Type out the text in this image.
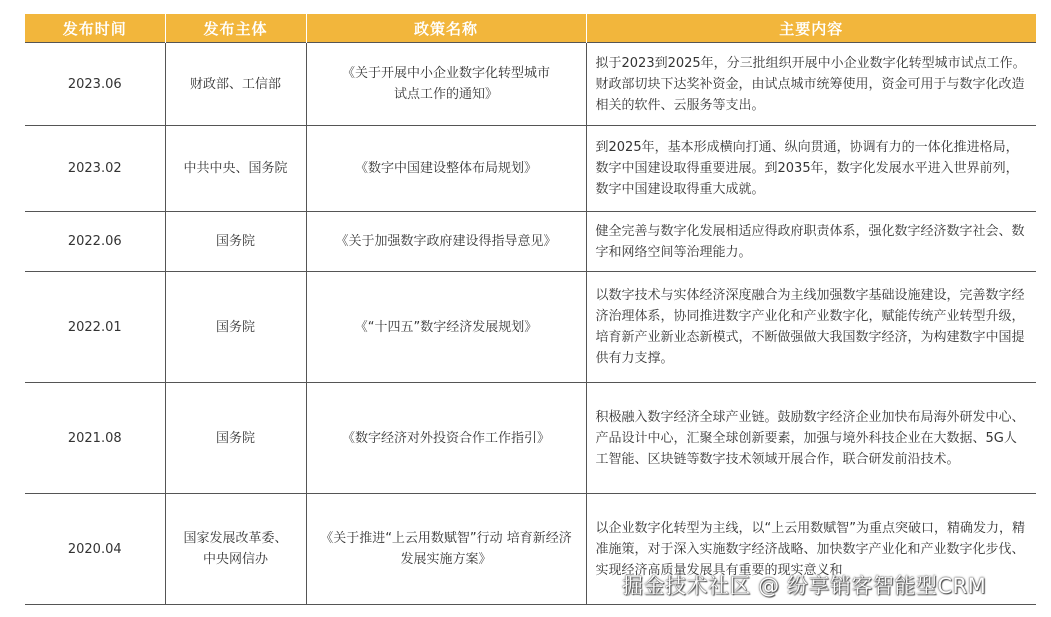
发布时间	发布主体	政策名称	主要内容
2023.06	财政部、工信部	《关于开展中小企业数字化转型城市试点工作的通知》	拟于2023到2025年，分三批组织开展中小企业数字化转型城市试点工作。财政部切块下达奖补资金，由试点城市统筹使用，资金可用于与数字化改造相关的软件、云服务等支出。
2023.02	中共中央、国务院	《数字中国建设整体布局规划》	到2025年，基本形成横向打通、纵向贯通，协调有力的一体化推进格局，数字中国建设取得重要进展。到2035年，数字化发展水平进入世界前列，数字中国建设取得重大成就。
2022.06	国务院	《关于加强数字政府建设得指导意见》	健全完善与数字化发展相适应得政府职责体系，强化数字经济数字社会、数字和网络空间等治理能力。
2022.01	国务院	《“十四五”数字经济发展规划》	以数字技术与实体经济深度融合为主线加强数字基础设施建设，完善数字经济治理体系，协同推进数字产业化和产业数字化，赋能传统产业转型升级，培育新产业新业态新模式，不断做强做大我国数字经济，为构建数字中国提供有力支撑。
2021.08	国务院	《数字经济对外投资合作工作指引》	积极融入数字经济全球产业链。鼓励数字经济企业加快布局海外研发中心、产品设计中心，汇聚全球创新要素，加强与境外科技企业在大数据、5G人工智能、区块链等数字技术领域开展合作，联合研发前沿技术。
2020.04	国家发展改革委、中央网信办	《关于推进“上云用数赋智”行动 培育新经济发展实施方案》	以企业数字化转型为主线，以“上云用数赋智”为重点突破口，精确发力，精准施策，对于深入实施数字经济战略、加快数字产业化和产业数字化步伐、实现经济高质量发展具有重要的现实意义和
掘金技术社区 @ 纷享销客智能型CRM
